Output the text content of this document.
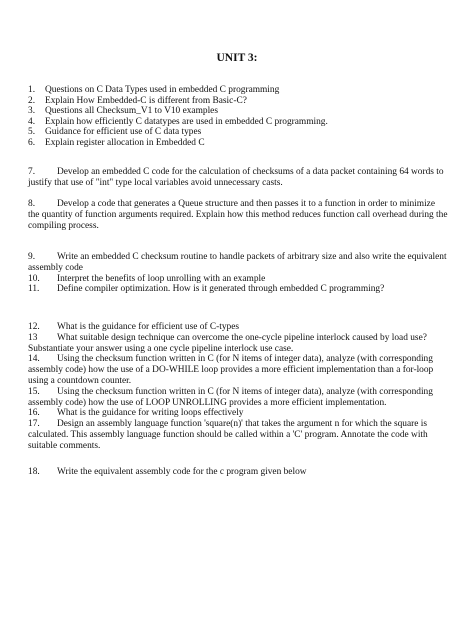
UNIT 3:
1.	Questions on C Data Types used in embedded C programming
2.	Explain How Embedded-C is different from Basic-C?
3.	Questions all Checksum_V1 to V10 examples
4.	Explain how efficiently C datatypes are used in embedded C programming.
5.	Guidance for efficient use of C data types
6.	Explain register allocation in Embedded C

7. Develop an embedded C code for the calculation of checksums of a data packet containing 64 words to justify that use of "int" type local variables avoid unnecessary casts.

8. Develop a code that generates a Queue structure and then passes it to a function in order to minimize the quantity of function arguments required. Explain how this method reduces function call overhead during the compiling process.

9. Write an embedded C checksum routine to handle packets of arbitrary size and also write the equivalent assembly code
10. Interpret the benefits of loop unrolling with an example
11. Define compiler optimization. How is it generated through embedded C programming?
12. What is the guidance for efficient use of C-types
13 What suitable design technique can overcome the one-cycle pipeline interlock caused by load use? Substantiate your answer using a one cycle pipeline interlock use case.
14. Using the checksum function written in C (for N items of integer data), analyze (with corresponding assembly code) how the use of a DO-WHILE loop provides a more efficient implementation than a for-loop using a countdown counter.
15. Using the checksum function written in C (for N items of integer data), analyze (with corresponding assembly code) how the use of LOOP UNROLLING provides a more efficient implementation.
16. What is the guidance for writing loops effectively
17. Design an assembly language function 'square(n)' that takes the argument n for which the square is calculated. This assembly language function should be called within a 'C' program. Annotate the code with suitable comments.

18. Write the equivalent assembly code for the c program given below
